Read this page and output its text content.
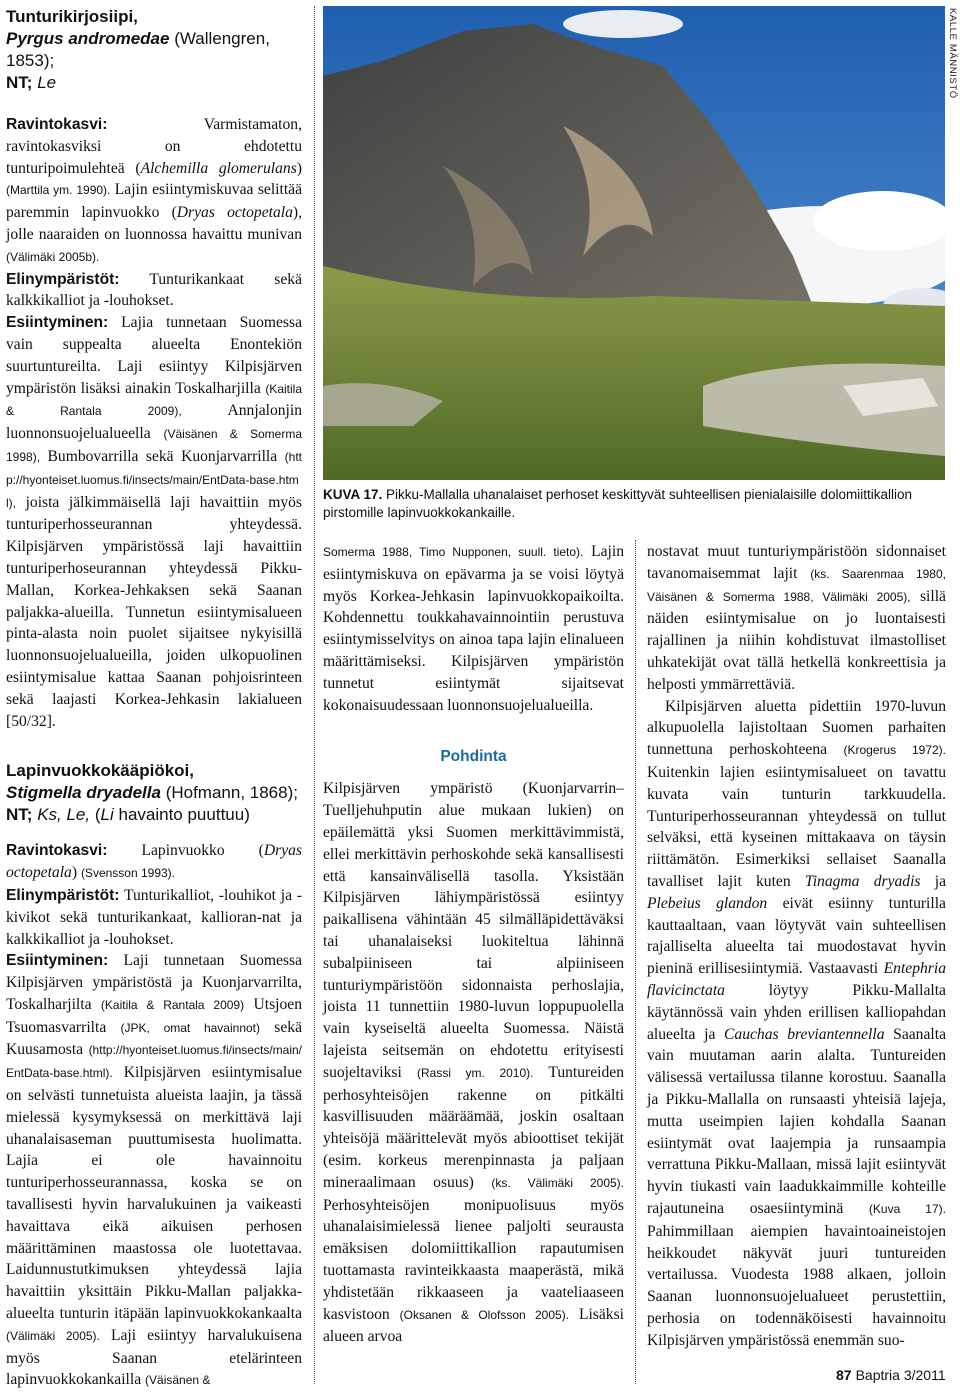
Tunturikirjosiipi,
Pyrgus andromedae (Wallengren, 1853);
NT; Le

Ravintokasvi:	Varmistamaton, ravintokasviksi on ehdotettu tunturipoimulehteä (Alchemilla glomerulans) (Marttila ym. 1990). Lajin esiintymiskuvaa selittää paremmin lapinvuokko (Dryas octopetala), jolle naaraiden on luonnossa havaittu munivan (Välimäki 2005b).

Elinympäristöt: Tunturikankaat sekä kalkkikalliot ja -louhokset.

Esiintyminen: Lajia tunnetaan Suomessa vain suppealta alueelta Enontekiön suurtuntureilta. Laji esiintyy Kilpisjärven ympäristön lisäksi ainakin Toskalharjilla (Kaitila & Rantala 2009),	Annjalonjin luonnonsuojelualueella (Väisänen & Somerma 1998), Bumbovarrilla sekä Kuonjarvarrilla (http://hyonteiset.luomus.fi/insects/main/EntData-base.html), joista jälkimmäisellä laji havaittiin myös tunturiperhosseurannan yhteydessä. Kilpisjärven ympäristössä laji havaittiin tunturiperhoseurannan yhteydessä Pikku-Mallan, Korkea-Jehkaksen sekä Saanan paljakka-alueilla. Tunnetun esiintymisalueen pinta-alasta noin puolet sijaitsee nykyisillä luonnonsuojelualueilla, joiden ulkopuolinen esiintymisalue kattaa Saanan pohjoisrinteen sekä laajasti Korkea-Jehkasin lakialueen [50/32].

Lapinvuokkokääpiökoi,
Stigmella dryadella (Hofmann, 1868);
NT; Ks, Le, (Li havainto puuttuu)

Ravintokasvi: Lapinvuokko (Dryas octopetala) (Svensson 1993).

Elinympäristöt: Tunturikalliot, -louhikot ja -kivikot sekä tunturikankaat, kallioran-nat ja kalkkikalliot ja -louhokset.

Esiintyminen: Laji tunnetaan Suomessa Kilpisjärven ympäristöstä ja Kuonjarvarrilta, Toskalharjilta (Kaitila & Rantala 2009) Utsjoen Tsuomasvarrilta (JPK, omat havainnot) sekä Kuusamosta (http://hyonteiset.luomus.fi/insects/main/EntData-base.html). Kilpisjärven esiintymisalue on selvästi tunnetuista alueista laajin, ja tässä mielessä kysymyksessä on merkittävä laji uhanalaisaseman puuttumisesta huolimatta. Lajia ei ole havainnoitu tunturiperhosseurannassa, koska se on tavallisesti hyvin harvalukuinen ja vaikeasti havaittava eikä aikuisen perhosen määrittäminen maastossa ole luotettavaa. Laidunnustutkimuksen yhteydessä lajia havaittiin yksittäin Pikku-Mallan paljakka-alueelta tunturin itäpään lapinvuokkokankaalta (Välimäki 2005). Laji esiintyy harvalukuisena myös Saanan etelärinteen lapinvuokkokankailla (Väisänen &

KALLE MÄNNISTÖ
KUVA 17. Pikku-Mallalla uhanalaiset perhoset keskittyvät suhteellisen pienialaisille dolomiittikallion pirstomille lapinvuokkokankaille.

Somerma 1988, Timo Nupponen, suull. tieto). Lajin esiintymiskuva on epävarma ja se voisi löytyä myös Korkea-Jehkasin lapinvuokkopaikoilta. Kohdennettu toukkahavainnointiin perustuva esiintymisselvitys on ainoa tapa lajin elinalueen määrittämiseksi. Kilpisjärven ympäristön tunnetut esiintymät sijaitsevat kokonaisuudessaan luonnonsuojelualueilla.

Pohdinta

Kilpisjärven ympäristö (Kuonjarvarrin–Tuelljehuhputin alue mukaan lukien) on epäilemättä yksi Suomen merkittävimmistä, ellei merkittävin perhoskohde sekä kansallisesti että kansainvälisellä tasolla. Yksistään Kilpisjärven lähiympäristössä esiintyy paikallisena vähintään 45 silmälläpidettäväksi tai uhanalaiseksi luokiteltua lähinnä subalpiiniseen tai alpiiniseen tunturiympäristöön sidonnaista perhoslajia, joista 11 tunnettiin 1980-luvun loppupuolella vain kyseiseltä alueelta Suomessa. Näistä lajeista seitsemän on ehdotettu erityisesti suojeltaviksi (Rassi ym. 2010). Tuntureiden perhosyhteisöjen rakenne on pitkälti kasvillisuuden määräämää, joskin osaltaan yhteisöjä määrittelevät myös abioottiset tekijät (esim. korkeus merenpinnasta ja paljaan mineraalimaan osuus) (ks. Välimäki 2005). Perhosyhteisöjen monipuolisuus myös uhanalaisimielessä lienee paljolti seurausta emäksisen dolomiittikallion rapautumisen tuottamasta ravinteikkaasta maaperästä, mikä yhdistetään rikkaaseen ja vaateliaaseen kasvistoon (Oksanen & Olofsson 2005). Lisäksi alueen arvoa

nostavat muut tunturiympäristöön sidonnaiset tavanomaisemmat lajit (ks. Saarenmaa 1980, Väisänen & Somerma 1988, Välimäki 2005), sillä näiden esiintymisalue on jo luontaisesti rajallinen ja niihin kohdistuvat ilmastolliset uhkatekijät ovat tällä hetkellä konkreettisia ja helposti ymmärrettäviä.

Kilpisjärven aluetta pidettiin 1970-luvun alkupuolella lajistoltaan Suomen parhaiten tunnettuna perhoskohteena (Krogerus 1972). Kuitenkin lajien esiintymisalueet on tavattu kuvata vain tunturin tarkkuudella. Tunturiperhosseurannan yhteydessä on tullut selväksi, että kyseinen mittakaava on täysin riittämätön. Esimerkiksi sellaiset Saanalla tavalliset lajit kuten Tinagma dryadis ja Plebeius glandon eivät esiinny tunturilla kauttaaltaan, vaan löytyvät vain suhteellisen rajalliselta alueelta tai muodostavat hyvin pieninä erillisesiintymiä. Vastaavasti Entephria flavicinctata	löytyy Pikku-Mallalta käytännössä vain yhden erillisen kalliopahdan alueelta ja Cauchas breviantennella Saanalta vain muutaman aarin alalta. Tuntureiden välisessä vertailussa tilanne korostuu. Saanalla ja Pikku-Mallalla on runsaasti yhteisiä lajeja, mutta useimpien lajien kohdalla Saanan esiintymät ovat laajempia ja runsaampia verrattuna Pikku-Mallaan, missä lajit esiintyvät hyvin tiukasti vain laadukkaimmille kohteille rajautuneina osaesiintyminä (Kuva 17). Pahimmillaan aiempien havaintoaineistojen heikkoudet näkyvät juuri tuntureiden vertailussa. Vuodesta 1988 alkaen, jolloin Saanan luonnonsuojelualueet perustettiin, perhosia on todennäköisesti havainnoitu Kilpisjärven ympäristössä enemmän suo-

87 Baptria 3/2011
